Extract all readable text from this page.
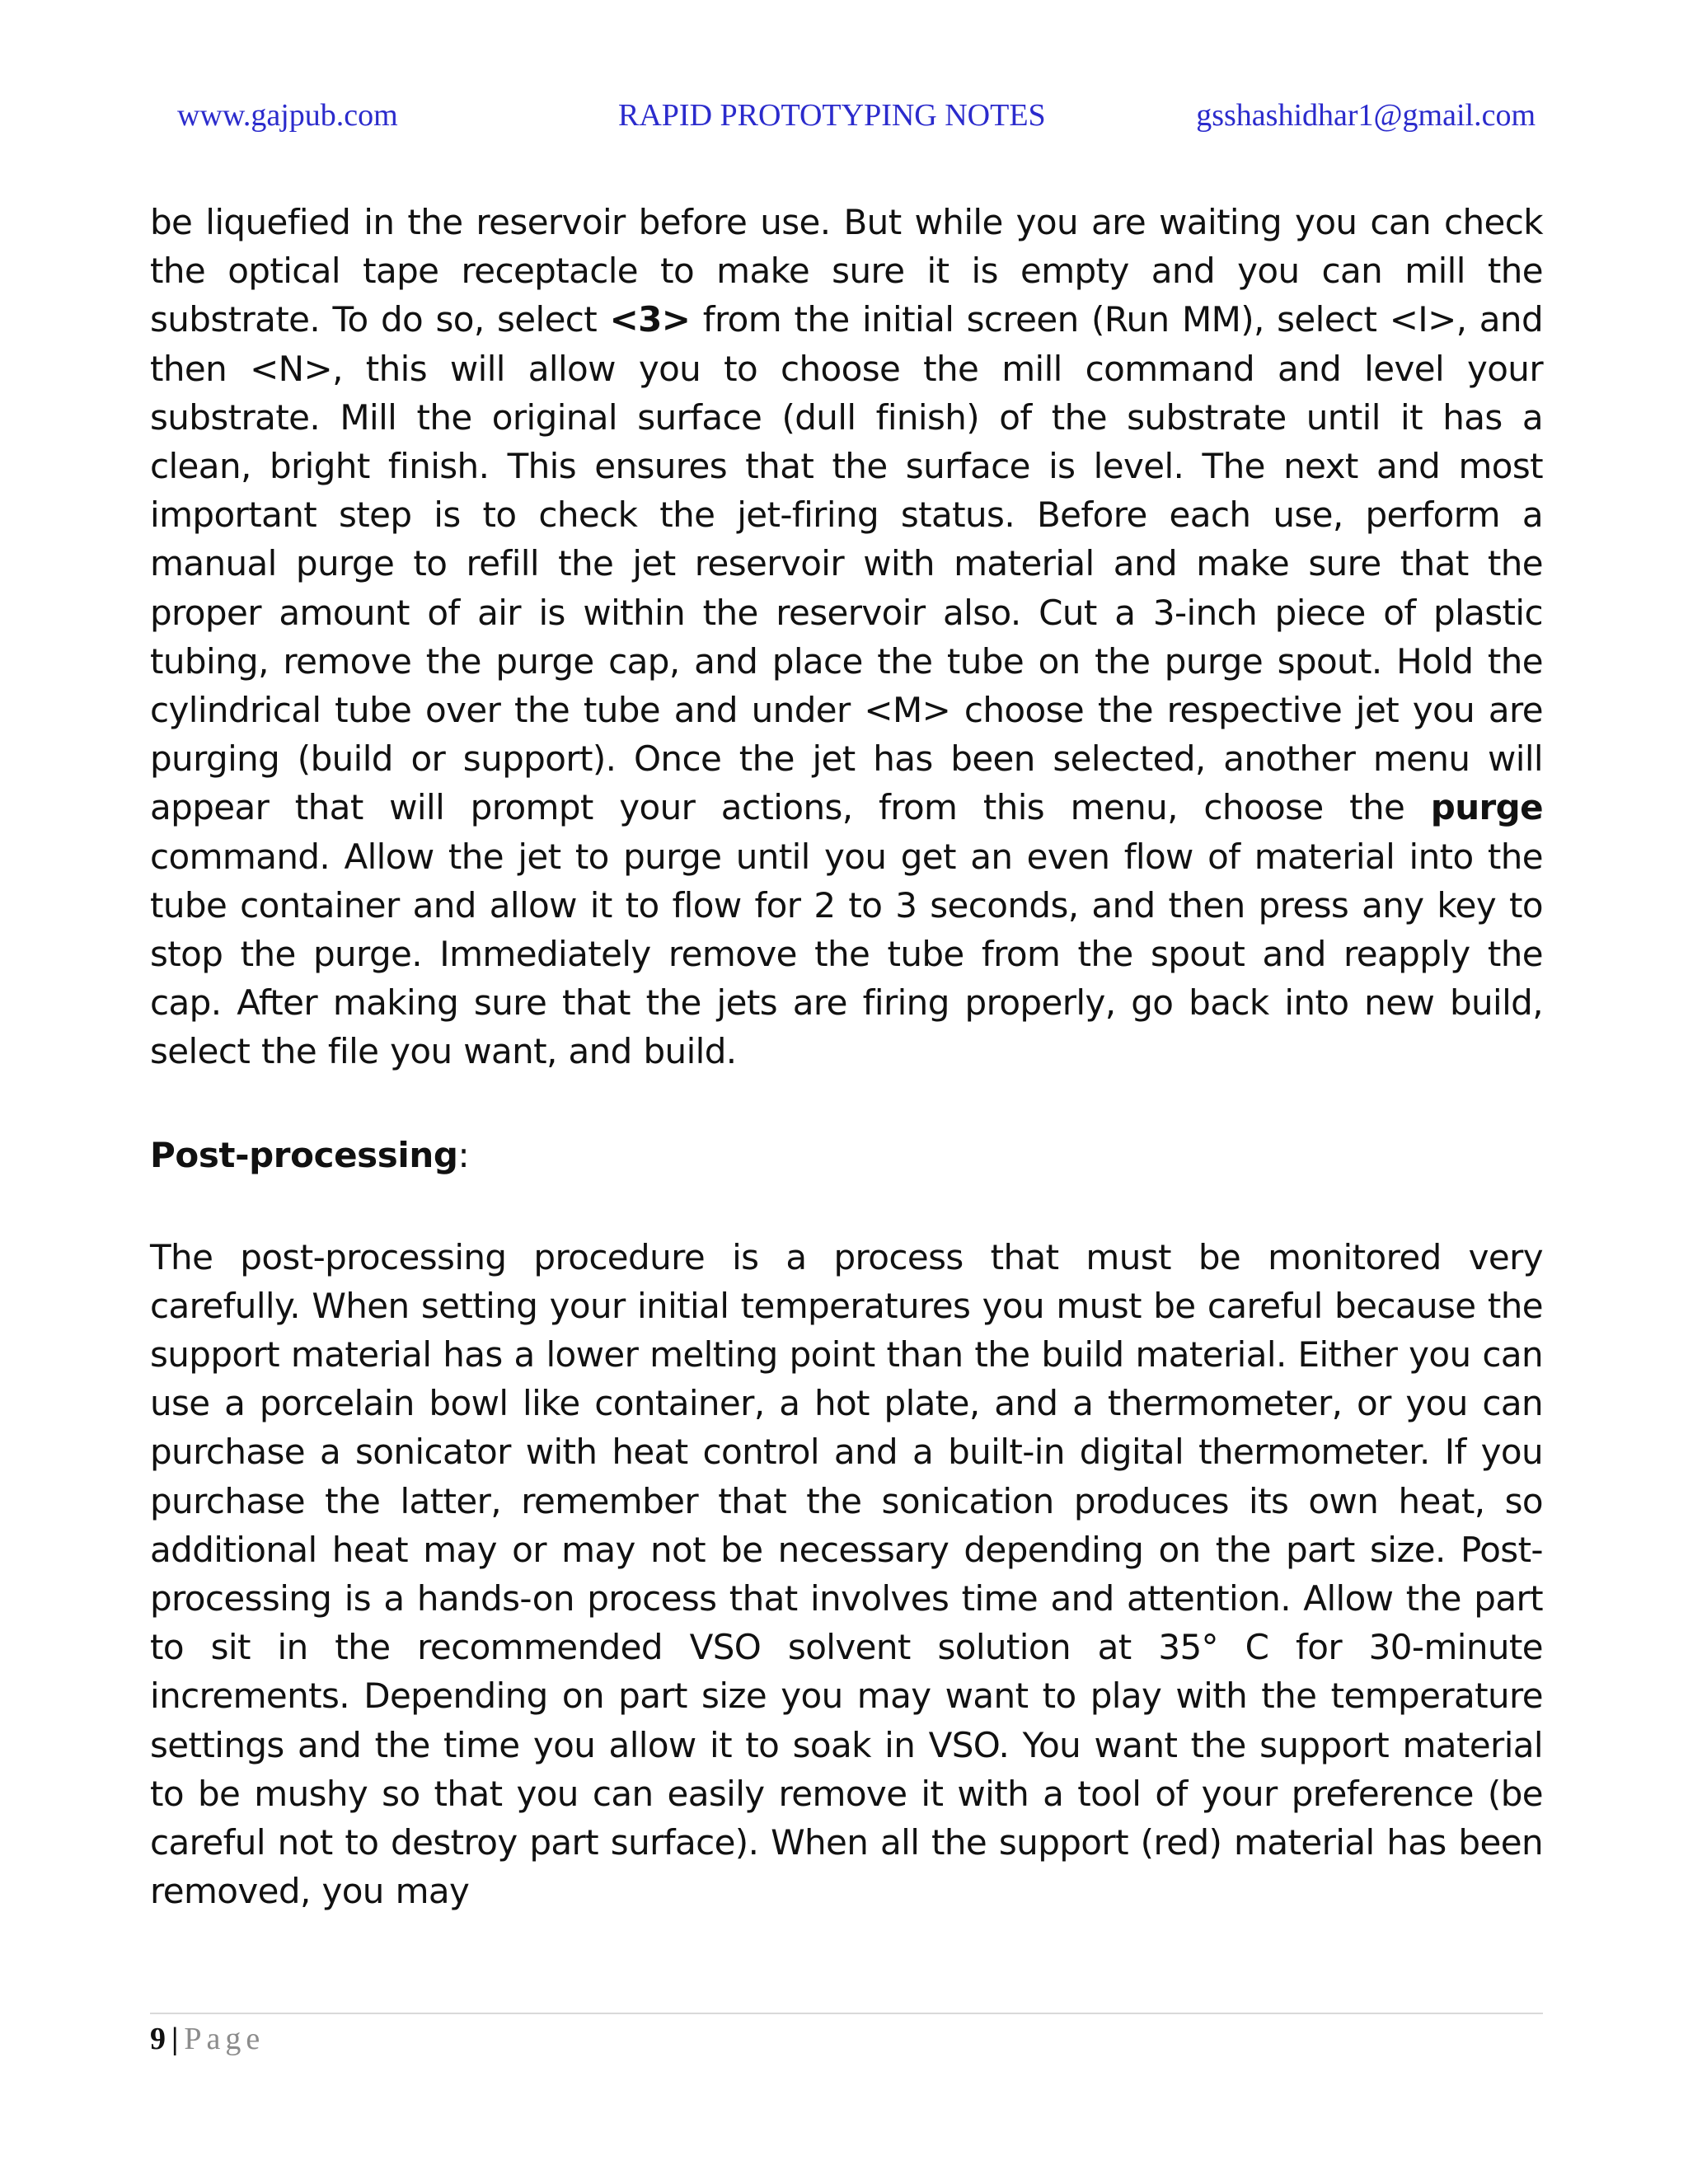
www.gajpub.com	RAPID PROTOTYPING NOTES	gsshashidhar1@gmail.com

be liquefied in the reservoir before use. But while you are waiting you can check the optical tape receptacle to make sure it is empty and you can mill the substrate. To do so, select <3> from the initial screen (Run MM), select <I>, and then <N>, this will allow you to choose the mill command and level your substrate. Mill the original surface (dull finish) of the substrate until it has a clean, bright finish. This ensures that the surface is level. The next and most important step is to check the jet-firing status. Before each use, perform a manual purge to refill the jet reservoir with material and make sure that the proper amount of air is within the reservoir also. Cut a 3-inch piece of plastic tubing, remove the purge cap, and place the tube on the purge spout. Hold the cylindrical tube over the tube and under <M> choose the respective jet you are purging (build or support). Once the jet has been selected, another menu will appear that will prompt your actions, from this menu, choose the purge command. Allow the jet to purge until you get an even flow of material into the tube container and allow it to flow for 2 to 3 seconds, and then press any key to stop the purge. Immediately remove the tube from the spout and reapply the cap. After making sure that the jets are firing properly, go back into new build, select the file you want, and build.

Post-processing:

The post-processing procedure is a process that must be monitored very carefully. When setting your initial temperatures you must be careful because the support material has a lower melting point than the build material. Either you can use a porcelain bowl like container, a hot plate, and a thermometer, or you can purchase a sonicator with heat control and a built-in digital thermometer. If you purchase the latter, remember that the sonication produces its own heat, so additional heat may or may not be necessary depending on the part size. Post-processing is a hands-on process that involves time and attention. Allow the part to sit in the recommended VSO solvent solution at 35° C for 30-minute increments. Depending on part size you may want to play with the temperature settings and the time you allow it to soak in VSO. You want the support material to be mushy so that you can easily remove it with a tool of your preference (be careful not to destroy part surface). When all the support (red) material has been removed, you may

9 | Page
